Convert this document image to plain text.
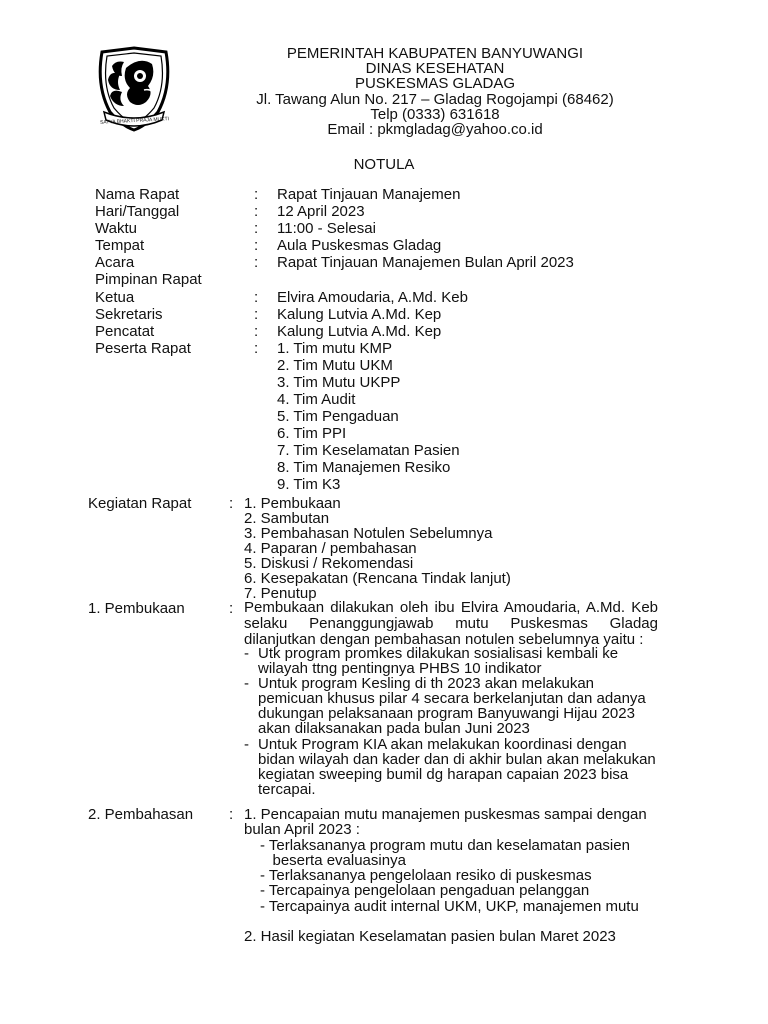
SATYA BHAKTI PRAJA MUKTI
PEMERINTAH KABUPATEN BANYUWANGI
DINAS KESEHATAN
PUSKESMAS GLADAG
Jl. Tawang Alun No. 217 – Gladag Rogojampi (68462)
Telp (0333) 631618
Email : pkmgladag@yahoo.co.id
NOTULA
Nama Rapat	: Rapat Tinjauan Manajemen
Hari/Tanggal	: 12 April 2023
Waktu	: 11:00 - Selesai
Tempat	: Aula Puskesmas Gladag
Acara	: Rapat Tinjauan Manajemen Bulan April 2023
Pimpinan Rapat
Ketua	: Elvira Amoudaria, A.Md. Keb
Sekretaris	: Kalung Lutvia A.Md. Kep
Pencatat	: Kalung Lutvia A.Md. Kep
Peserta Rapat	: 1. Tim mutu KMP
2. Tim Mutu UKM
3. Tim Mutu UKPP
4. Tim Audit
5. Tim Pengaduan
6. Tim PPI
7. Tim Keselamatan Pasien
8. Tim Manajemen Resiko
9. Tim K3
Kegiatan Rapat	: 1. Pembukaan
2. Sambutan
3. Pembahasan Notulen Sebelumnya
4. Paparan / pembahasan
5. Diskusi / Rekomendasi
6. Kesepakatan (Rencana Tindak lanjut)
7. Penutup
1. Pembukaan	: Pembukaan dilakukan oleh ibu Elvira Amoudaria, A.Md. Keb
selaku Penanggungjawab mutu Puskesmas Gladag
dilanjutkan dengan pembahasan notulen sebelumnya yaitu :
- Utk program promkes dilakukan sosialisasi kembali ke
wilayah ttng pentingnya PHBS 10 indikator
- Untuk program Kesling di th 2023 akan melakukan
pemicuan khusus pilar 4 secara berkelanjutan dan adanya
dukungan pelaksanaan program Banyuwangi Hijau 2023
akan dilaksanakan pada bulan Juni 2023
- Untuk Program KIA akan melakukan koordinasi dengan
bidan wilayah dan kader dan di akhir bulan akan melakukan
kegiatan sweeping bumil dg harapan capaian 2023 bisa
tercapai.
2. Pembahasan : 1. Pencapaian mutu manajemen puskesmas sampai dengan
bulan April 2023 :
- Terlaksananya program mutu dan keselamatan pasien
beserta evaluasinya
- Terlaksananya pengelolaan resiko di puskesmas
- Tercapainya pengelolaan pengaduan pelanggan
- Tercapainya audit internal UKM, UKP, manajemen mutu
2. Hasil kegiatan Keselamatan pasien bulan Maret 2023
